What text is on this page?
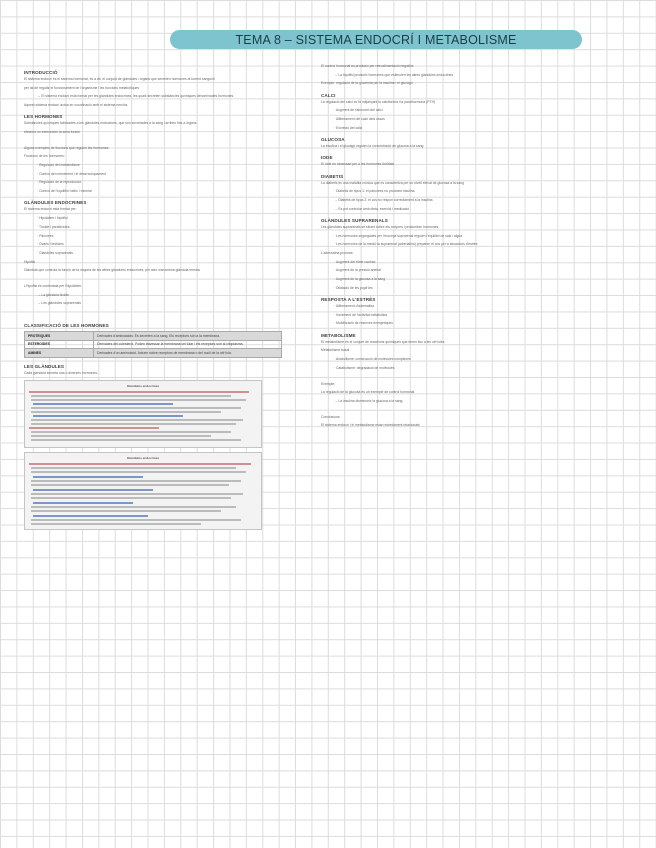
TEMA 8 – SISTEMA ENDOCRÍ I METABOLISME
INTRODUCCIÓ

El sistema endocrí és el sistema hormonal, és a dir, el conjunt de glàndules i òrgans que secreten hormones al torrent sanguini

per tal de regular el funcionament de l'organisme i les funcions metabòliques

→ El sistema endocrí està format per les glàndules endocrines, les quals secreten substàncies químiques denominades hormones

Aquest sistema endocrí actua en coordinació amb el sistema nerviós

LES HORMONES

Substàncies químiques fabricades a les glàndules endocrines, que són secretades a la sang i arriben fins a òrgans

efectors on exerceixen la seva funció

Alguns exemples de funcions que regulen les hormones:

Funcions de les hormones:

· Regulació del metabolisme

· Control del creixement i el desenvolupament

· Regulació de la reproducció

· Control de l'equilibri hídric i mineral

GLÀNDULES ENDOCRINES

El sistema endocrí està format per:

· Hipotàlem i hipòfisi

· Tiroide i paratiroides

· Pàncrees

· Ovaris i testicles

· Glàndules suprarenals

Hipòfisi

Glàndula que controla la funció de la majoria de les altres glàndules endocrines, per això s'anomena glàndula mestra

L'hipòfisi és controlada per l'hipotàlem

→ La glàndula tiroide

→ Les glàndules suprarenals

CLASSIFICACIÓ DE LES HORMONES
PROTEIQUES	Derivades d'aminoàcids. Es secreten a la sang. Els receptors són a la membrana.
ESTEROIDES	Derivades del colesterol. Poden travessar la membrana cel·lular i els receptors són al citoplasma.
AMINES	Derivades d'un aminoàcid. Actuen sobre receptors de membrana o del nucli de la cèl·lula.
LES GLÀNDULES

Cada glàndula secreta una o diverses hormones:

Glàndules endocrines
Glàndules endocrines

El control hormonal es produeix per retroalimentació negativa

→ La hipòfisi produeix hormones que estimulen les altres glàndules endocrines

Exemple: regulació de la glucèmia per la insulina i el glucagó

CALCI

La regulació del calci es fa mitjançant la calcitonina i la parathormona (PTH)

· Augment de l'absorció del calci

· Alliberament del calci dels ossos

· Excreció del calci

GLUCOSA

La insulina i el glucagó regulen la concentració de glucosa a la sang

IODE

El iode és necessari per a les hormones tiroïdals

DIABETIS

La diabetis és una malaltia crònica que es caracteritza per un nivell elevat de glucosa a la sang

· Diabetis de tipus 1: el pàncrees no produeix insulina

→ Diabetis de tipus 2: el cos no respon correctament a la insulina

→ Es pot controlar amb dieta, exercici i medicació

GLÀNDULES SUPRARENALS

Les glàndules suprarenals se situen sobre els ronyons i produeixen hormones

· Les hormones segregades per l'escorça suprarenal regulen l'equilibri de sals i aigua

· Les hormones de la medul·la suprarenal (adrenalina) preparen el cos per a situacions d'estrès

L'adrenalina provoca:

· Augment del ritme cardíac

· Augment de la pressió arterial

· Augment de la glucosa a la sang

· Dilatació de les pupil·les

RESPOSTA A L'ESTRÈS

· Alliberament d'adrenalina

· Increment de l'activitat metabòlica

· Mobilització de reserves energètiques

METABOLISME

El metabolisme és el conjunt de reaccions químiques que tenen lloc a les cèl·lules

Metabolisme basal

· Anabolisme: construcció de molècules complexes

· Catabolisme: degradació de molècules

Exemple:

La regulació de la glucosa és un exemple de control hormonal

→ La insulina disminueix la glucosa a la sang

Conclusions:

El sistema endocrí i el metabolisme estan estretament relacionats
